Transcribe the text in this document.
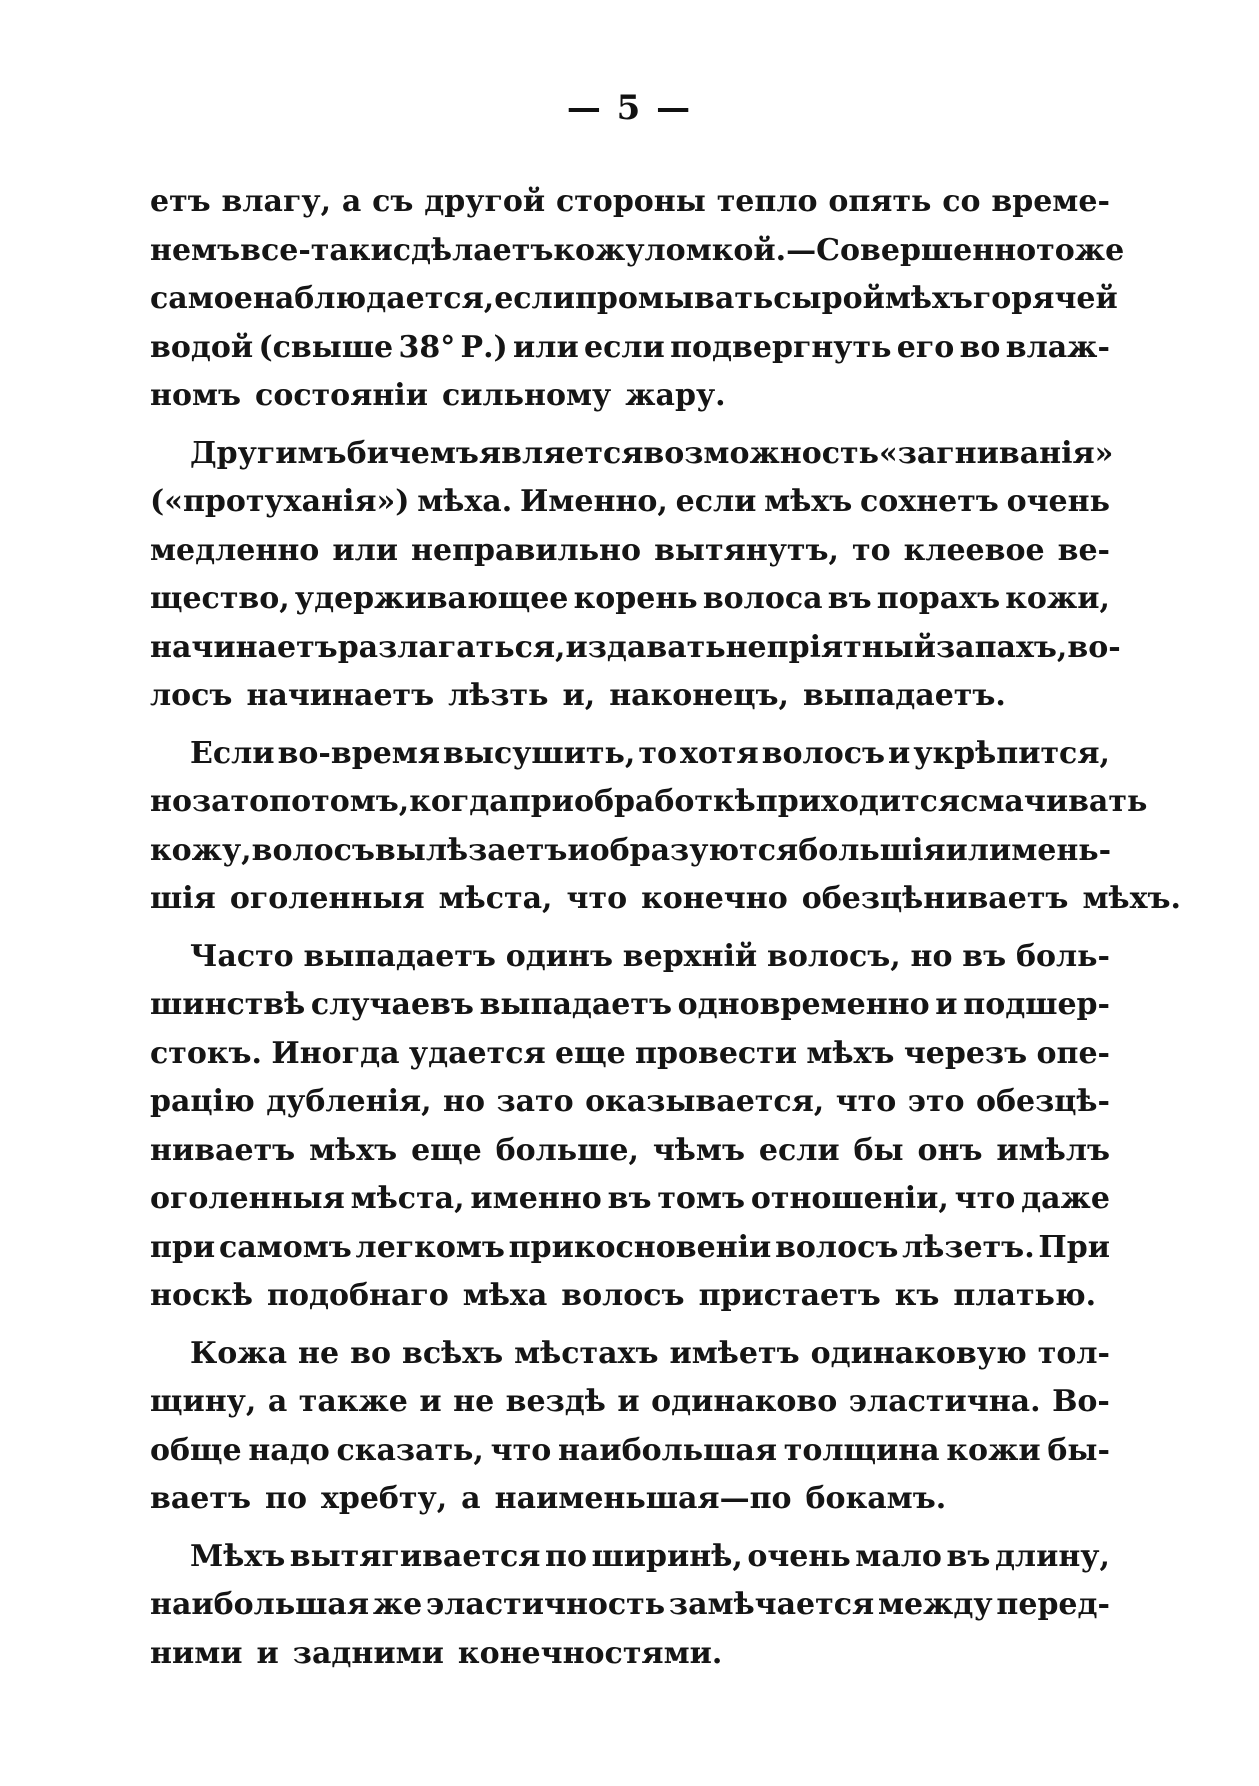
— 5 —
етъ влагу, а съ другой стороны тепло опять со време-
немъ все-таки сдѣлаетъ кожу ломкой.—Совершенно тоже
самое наблюдается, если промывать сырой мѣхъ горячей
водой (свыше 38° Р.) или если подвергнуть его во влаж-
номъ состоянiи сильному жару.
Другимъ бичемъ является возможность «загниванiя»
(«протуханiя») мѣха. Именно, если мѣхъ сохнетъ очень
медленно или неправильно вытянутъ, то клеевое ве-
щество, удерживающее корень волоса въ порахъ кожи,
начинаетъ разлагаться, издавать непрiятный запахъ, во-
лосъ начинаетъ лѣзть и, наконецъ, выпадаетъ.
Если во-время высушить, то хотя волосъ и укрѣпится,
но зато потомъ, когда при обработкѣ приходится смачивать
кожу, волосъ вылѣзаетъ и образуются большiя или мень-
шiя оголенныя мѣста, что конечно обезцѣниваетъ мѣхъ.
Часто выпадаетъ одинъ верхнiй волосъ, но въ боль-
шинствѣ случаевъ выпадаетъ одновременно и подшер-
стокъ. Иногда удается еще провести мѣхъ черезъ опе-
рацiю дубленiя, но зато оказывается, что это обезцѣ-
ниваетъ мѣхъ еще больше, чѣмъ если бы онъ имѣлъ
оголенныя мѣста, именно въ томъ отношенiи, что даже
при самомъ легкомъ прикосновенiи волосъ лѣзетъ. При
носкѣ подобнаго мѣха волосъ пристаетъ къ платью.
Кожа не во всѣхъ мѣстахъ имѣетъ одинаковую тол-
щину, а также и не вездѣ и одинаково эластична. Во-
обще надо сказать, что наибольшая толщина кожи бы-
ваетъ по хребту, а наименьшая—по бокамъ.
Мѣхъ вытягивается по ширинѣ, очень мало въ длину,
наибольшая же эластичность замѣчается между перед-
ними и задними конечностями.
